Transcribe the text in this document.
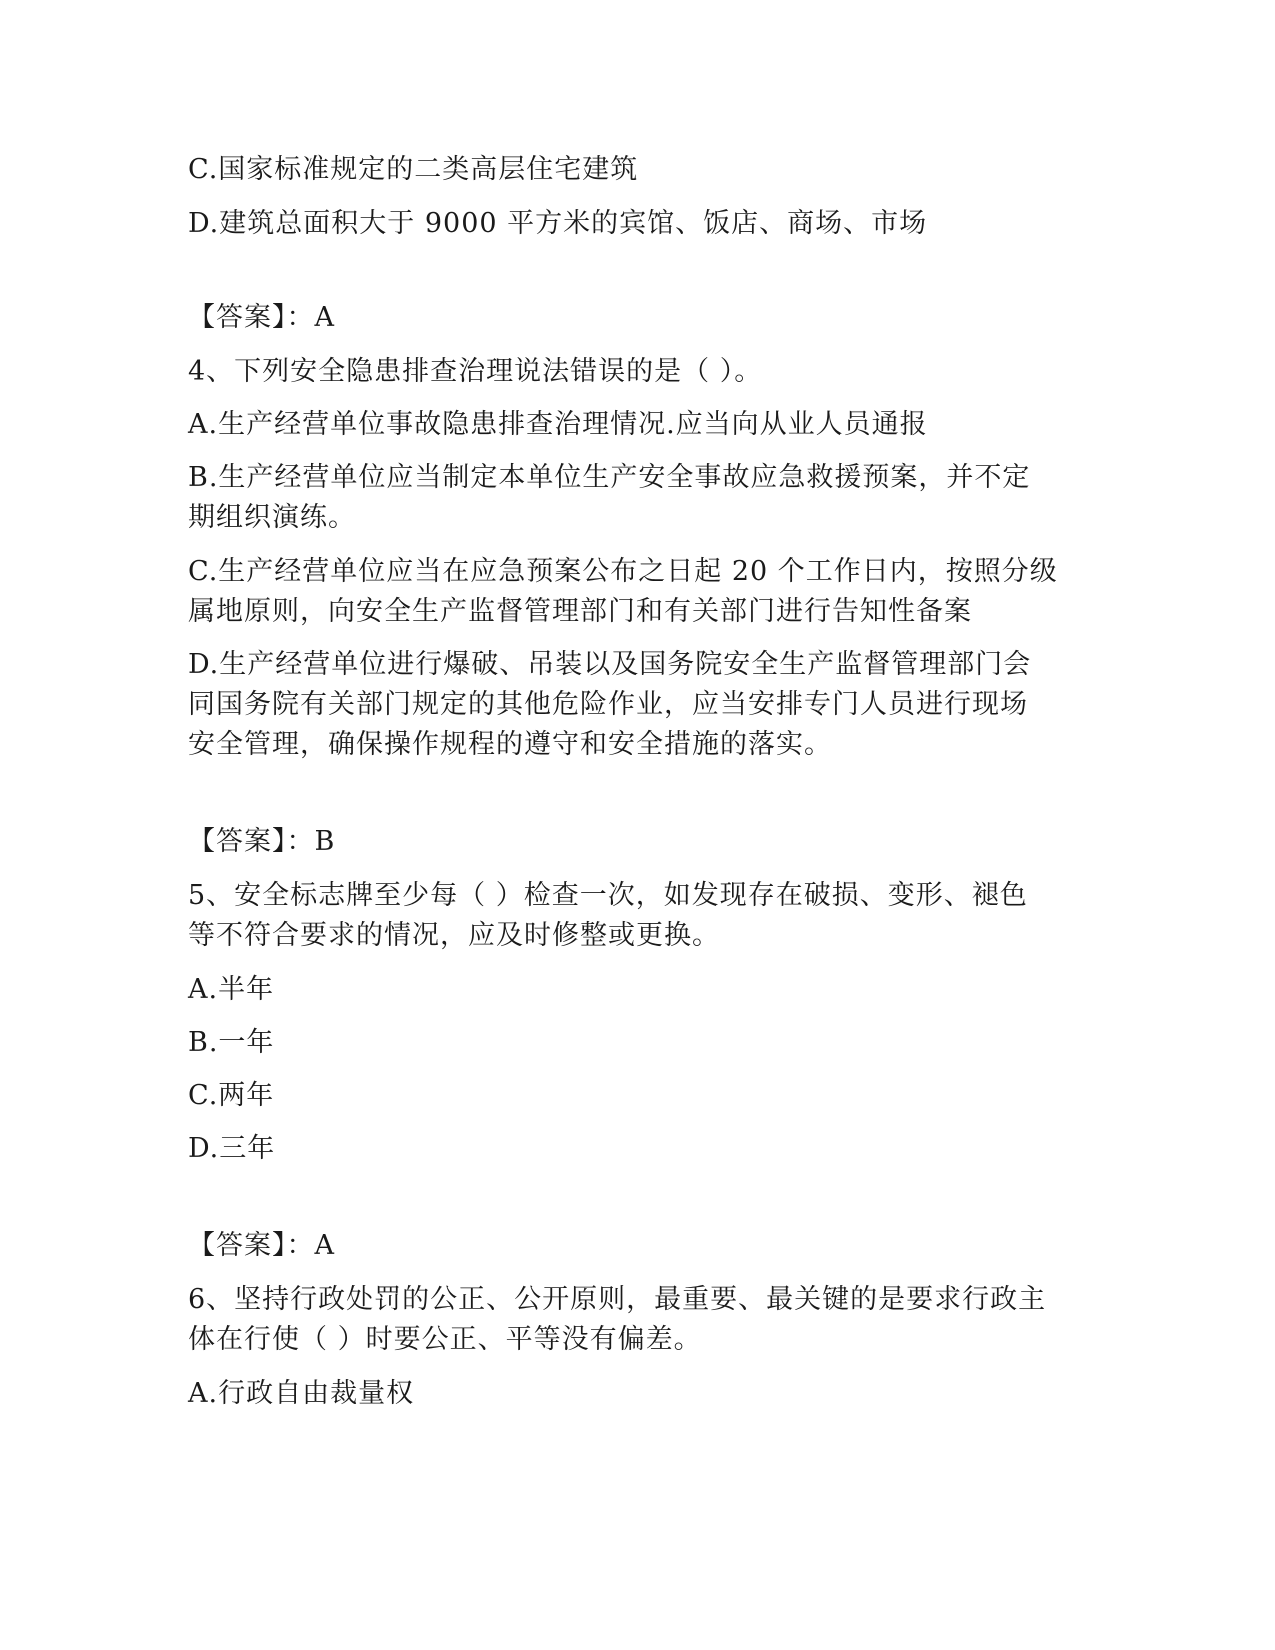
C.国家标准规定的二类高层住宅建筑
D.建筑总面积大于 9000 平方米的宾馆、饭店、商场、市场
【答案】：A
4、下列安全隐患排查治理说法错误的是（ ）。
A.生产经营单位事故隐患排查治理情况.应当向从业人员通报
B.生产经营单位应当制定本单位生产安全事故应急救援预案，并不定
期组织演练。
C.生产经营单位应当在应急预案公布之日起 20 个工作日内，按照分级
属地原则，向安全生产监督管理部门和有关部门进行告知性备案
D.生产经营单位进行爆破、吊装以及国务院安全生产监督管理部门会
同国务院有关部门规定的其他危险作业，应当安排专门人员进行现场
安全管理，确保操作规程的遵守和安全措施的落实。
【答案】：B
5、安全标志牌至少每（ ）检查一次，如发现存在破损、变形、褪色
等不符合要求的情况，应及时修整或更换。
A.半年
B.一年
C.两年
D.三年
【答案】：A
6、坚持行政处罚的公正、公开原则，最重要、最关键的是要求行政主
体在行使（ ）时要公正、平等没有偏差。
A.行政自由裁量权
